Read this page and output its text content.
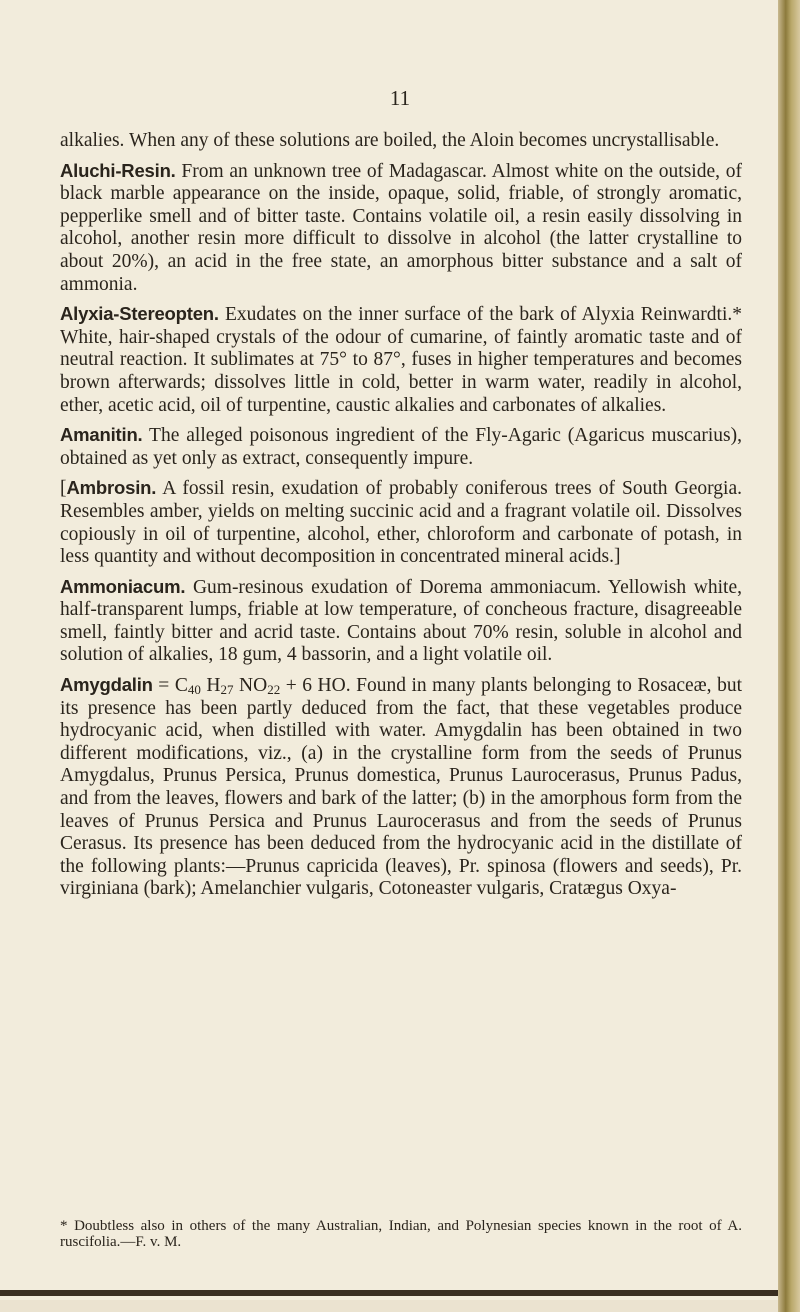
11

alkalies. When any of these solutions are boiled, the Aloin becomes uncrystallisable.

Aluchi-Resin. From an unknown tree of Madagascar. Almost white on the outside, of black marble appearance on the inside, opaque, solid, friable, of strongly aromatic, pepperlike smell and of bitter taste. Contains volatile oil, a resin easily dissolving in alcohol, another resin more difficult to dissolve in alcohol (the latter crystalline to about 20%), an acid in the free state, an amorphous bitter substance and a salt of ammonia.

Alyxia-Stereopten. Exudates on the inner surface of the bark of Alyxia Reinwardti.* White, hair-shaped crystals of the odour of cumarine, of faintly aromatic taste and of neutral reaction. It sublimates at 75° to 87°, fuses in higher temperatures and becomes brown afterwards; dissolves little in cold, better in warm water, readily in alcohol, ether, acetic acid, oil of turpentine, caustic alkalies and carbonates of alkalies.

Amanitin. The alleged poisonous ingredient of the Fly-Agaric (Agaricus muscarius), obtained as yet only as extract, consequently impure.

[Ambrosin. A fossil resin, exudation of probably coniferous trees of South Georgia. Resembles amber, yields on melting succinic acid and a fragrant volatile oil. Dissolves copiously in oil of turpentine, alcohol, ether, chloroform and carbonate of potash, in less quantity and without decomposition in concentrated mineral acids.]

Ammoniacum. Gum-resinous exudation of Dorema ammoniacum. Yellowish white, half-transparent lumps, friable at low temperature, of concheous fracture, disagreeable smell, faintly bitter and acrid taste. Contains about 70% resin, soluble in alcohol and solution of alkalies, 18 gum, 4 bassorin, and a light volatile oil.

Amygdalin = $C_{40}$ $H_{27}$ $NO_{22} + 6$ HO. Found in many plants belonging to Rosaceæ, but its presence has been partly deduced from the fact, that these vegetables produce hydrocyanic acid, when distilled with water. Amygdalin has been obtained in two different modifications, viz., (a) in the crystalline form from the seeds of Prunus Amygdalus, Prunus Persica, Prunus domestica, Prunus Laurocerasus, Prunus Padus, and from the leaves, flowers and bark of the latter; (b) in the amorphous form from the leaves of Prunus Persica and Prunus Laurocerasus and from the seeds of Prunus Cerasus. Its presence has been deduced from the hydrocyanic acid in the distillate of the following plants:—Prunus capricida (leaves), Pr. spinosa (flowers and seeds), Pr. virginiana (bark); Amelanchier vulgaris, Cotoneaster vulgaris, Cratægus Oxya-

* Doubtless also in others of the many Australian, Indian, and Polynesian species known in the root of A. ruscifolia.—F. v. M.
